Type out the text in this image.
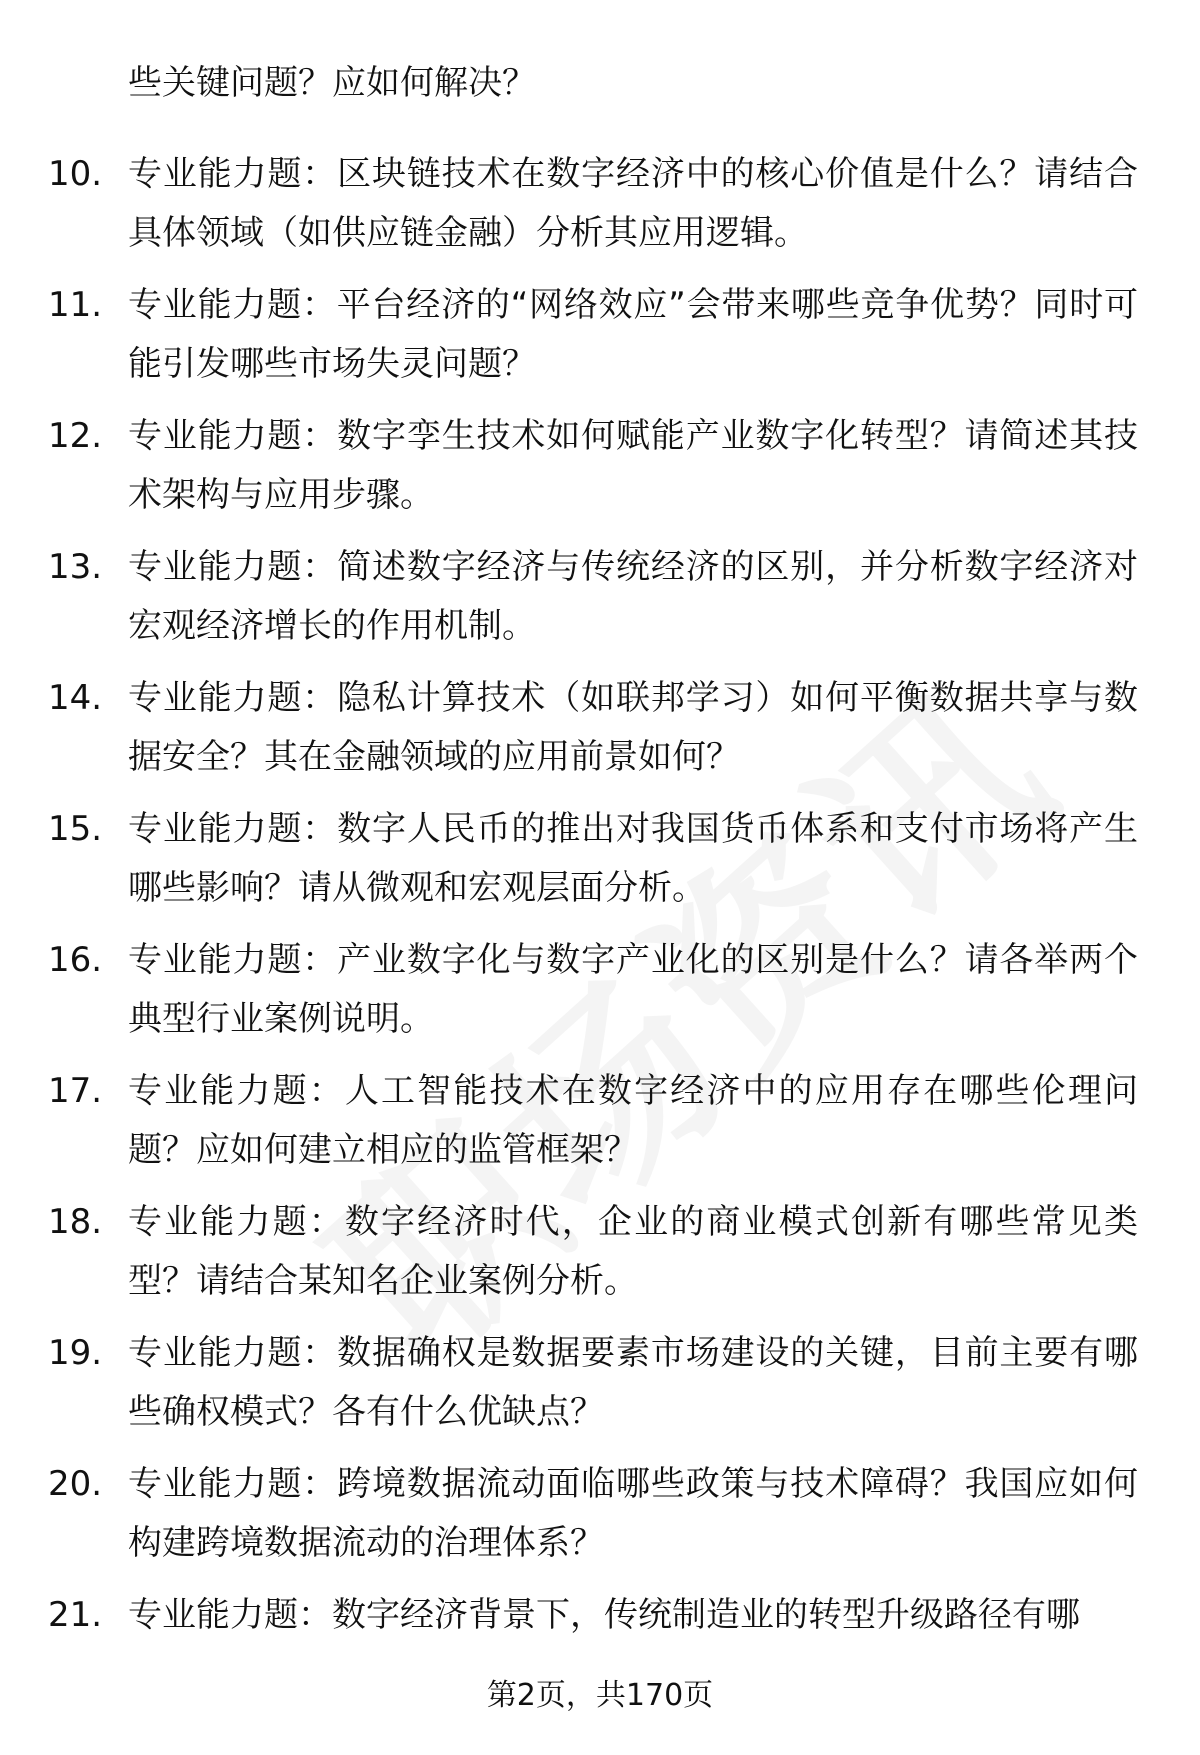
些关键问题？应如何解决？
10. 专业能力题：区块链技术在数字经济中的核心价值是什么？请结合具体领域（如供应链金融）分析其应用逻辑。
11. 专业能力题：平台经济的“网络效应”会带来哪些竞争优势？同时可能引发哪些市场失灵问题？
12. 专业能力题：数字孪生技术如何赋能产业数字化转型？请简述其技术架构与应用步骤。
13. 专业能力题：简述数字经济与传统经济的区别，并分析数字经济对宏观经济增长的作用机制。
14. 专业能力题：隐私计算技术（如联邦学习）如何平衡数据共享与数据安全？其在金融领域的应用前景如何？
15. 专业能力题：数字人民币的推出对我国货币体系和支付市场将产生哪些影响？请从微观和宏观层面分析。
16. 专业能力题：产业数字化与数字产业化的区别是什么？请各举两个典型行业案例说明。
17. 专业能力题：人工智能技术在数字经济中的应用存在哪些伦理问题？应如何建立相应的监管框架？
18. 专业能力题：数字经济时代，企业的商业模式创新有哪些常见类型？请结合某知名企业案例分析。
19. 专业能力题：数据确权是数据要素市场建设的关键，目前主要有哪些确权模式？各有什么优缺点？
20. 专业能力题：跨境数据流动面临哪些政策与技术障碍？我国应如何构建跨境数据流动的治理体系？
21. 专业能力题：数字经济背景下，传统制造业的转型升级路径有哪
第2页，共170页
